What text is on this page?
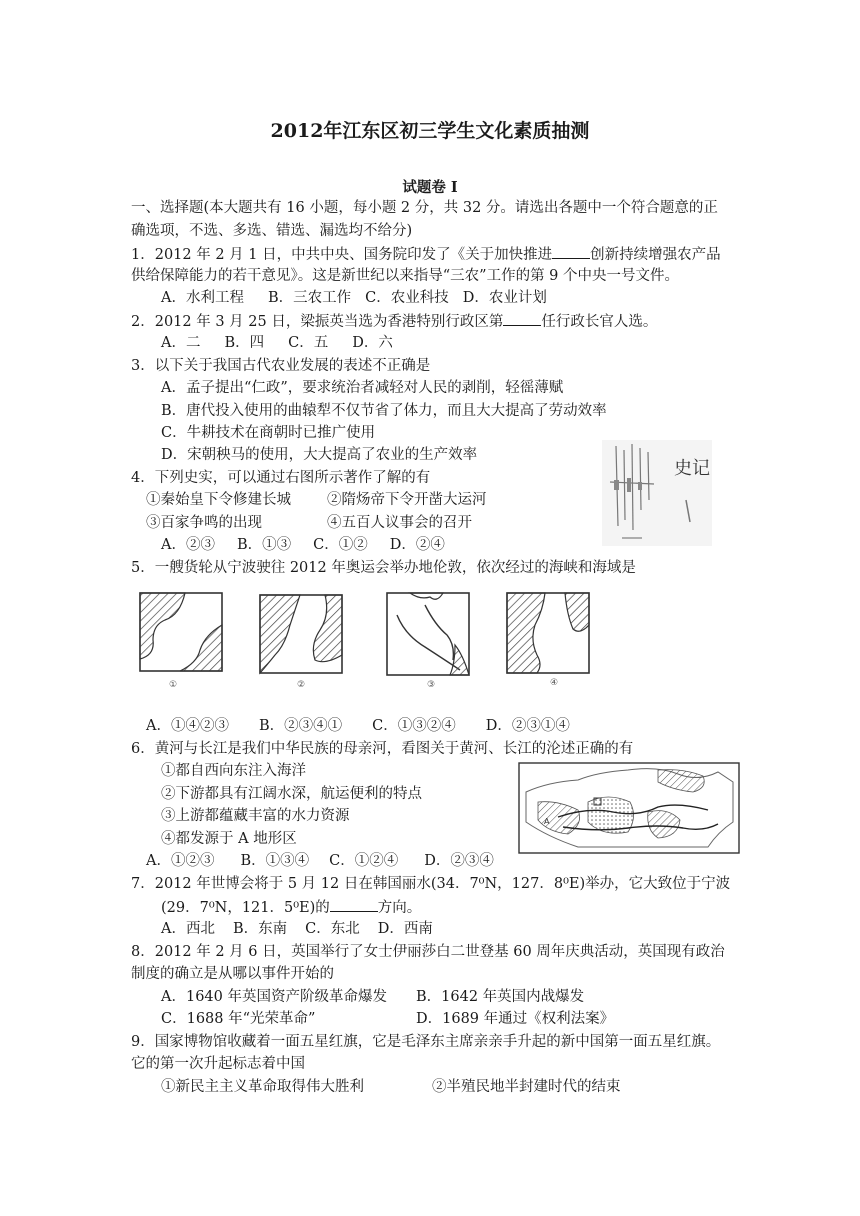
2012年江东区初三学生文化素质抽测
试题卷 I
一、选择题(本大题共有 16 小题，每小题 2 分，共 32 分。请选出各题中一个符合题意的正
确选项，不选、多选、错选、漏选均不给分)
1．2012 年 2 月 1 日，中共中央、国务院印发了《关于加快推进	创新持续增强农产品
供给保障能力的若干意见》。这是新世纪以来指导“三农”工作的第 9 个中央一号文件。
A．水利工程 B．三农工作 C．农业科技 D．农业计划
2．2012 年 3 月 25 日，梁振英当选为香港特别行政区第	任行政长官人选。
A．二 B．四 C．五 D．六
3．以下关于我国古代农业发展的表述不正确是
A．孟子提出“仁政”，要求统治者减轻对人民的剥削，轻徭薄赋
B．唐代投入使用的曲辕犁不仅节省了体力，而且大大提高了劳动效率
C．牛耕技术在商朝时已推广使用
D．宋朝秧马的使用，大大提高了农业的生产效率
4．下列史实，可以通过右图所示著作了解的有
①秦始皇下令修建长城 ②隋炀帝下令开凿大运河
③百家争鸣的出现	④五百人议事会的召开
A．②③ B．①③ C．①② D．②④
史记
5．一艘货轮从宁波驶往 2012 年奥运会举办地伦敦，依次经过的海峡和海域是
①	②	③	④
A．①④②③ B．②③④① C．①③②④ D．②③①④
6．黄河与长江是我们中华民族的母亲河，看图关于黄河、长江的沦述正确的有
①都自西向东注入海洋
②下游都具有江阔水深，航运便利的特点
③上游都蕴藏丰富的水力资源
④都发源于 A 地形区
A．①②③ B．①③④ C．①②④ D．②③④
A
7．2012 年世博会将于 5 月 12 日在韩国丽水(34．7⁰N，127．8⁰E)举办，它大致位于宁波
(29．7⁰N，121．5⁰E)的	方向。
A．西北 B．东南 C．东北 D．西南
8．2012 年 2 月 6 日，英国举行了女士伊丽莎白二世登基 60 周年庆典活动，英国现有政治
制度的确立是从哪以事件开始的
A．1640 年英国资产阶级革命爆发 B．1642 年英国内战爆发
C．1688 年“光荣革命”	D．1689 年通过《权利法案》
9．国家博物馆收藏着一面五星红旗，它是毛泽东主席亲亲手升起的新中国第一面五星红旗。
它的第一次升起标志着中国
①新民主主义革命取得伟大胜利	②半殖民地半封建时代的结束
